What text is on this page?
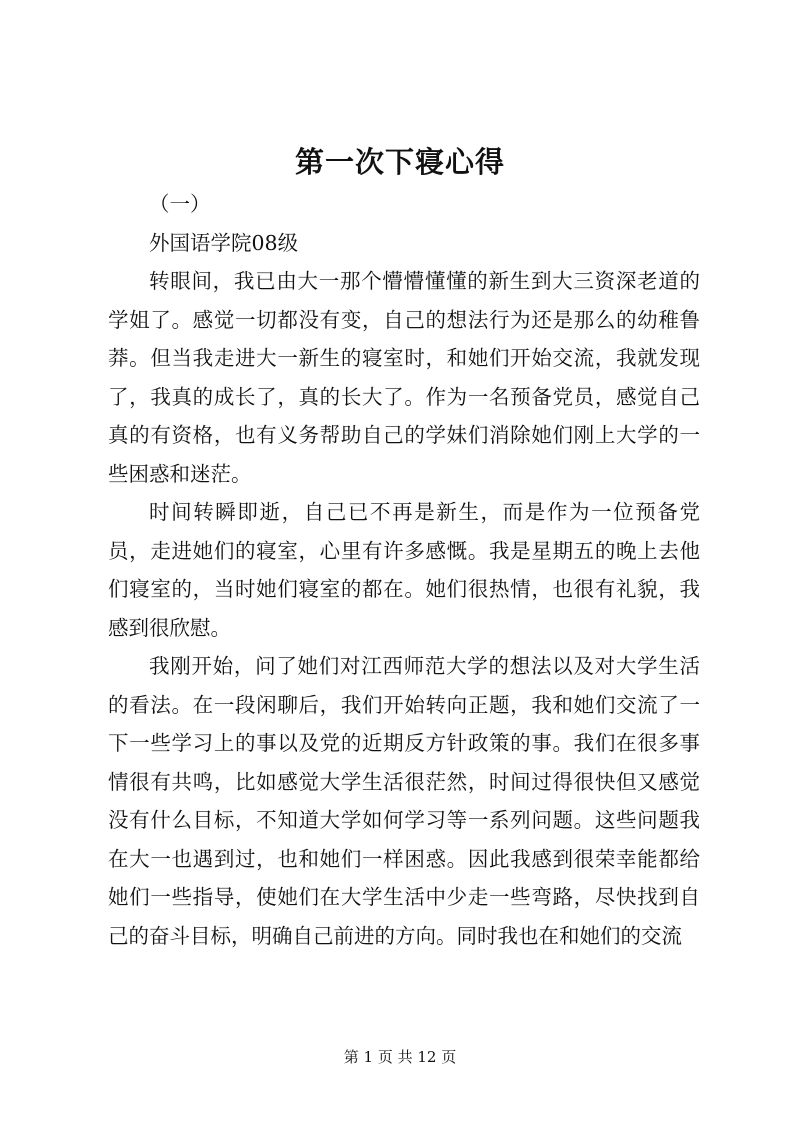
第一次下寝心得

（一）

外国语学院08级

转眼间，我已由大一那个懵懵懂懂的新生到大三资深老道的学姐了。感觉一切都没有变，自己的想法行为还是那么的幼稚鲁莽。但当我走进大一新生的寝室时，和她们开始交流，我就发现了，我真的成长了，真的长大了。作为一名预备党员，感觉自己真的有资格，也有义务帮助自己的学妹们消除她们刚上大学的一些困惑和迷茫。

时间转瞬即逝，自己已不再是新生，而是作为一位预备党员，走进她们的寝室，心里有许多感慨。我是星期五的晚上去他们寝室的，当时她们寝室的都在。她们很热情，也很有礼貌，我感到很欣慰。

我刚开始，问了她们对江西师范大学的想法以及对大学生活的看法。在一段闲聊后，我们开始转向正题，我和她们交流了一下一些学习上的事以及党的近期反方针政策的事。我们在很多事情很有共鸣，比如感觉大学生活很茫然，时间过得很快但又感觉没有什么目标，不知道大学如何学习等一系列问题。这些问题我在大一也遇到过，也和她们一样困惑。因此我感到很荣幸能都给她们一些指导，使她们在大学生活中少走一些弯路，尽快找到自己的奋斗目标，明确自己前进的方向。同时我也在和她们的交流

第 1 页 共 12 页
